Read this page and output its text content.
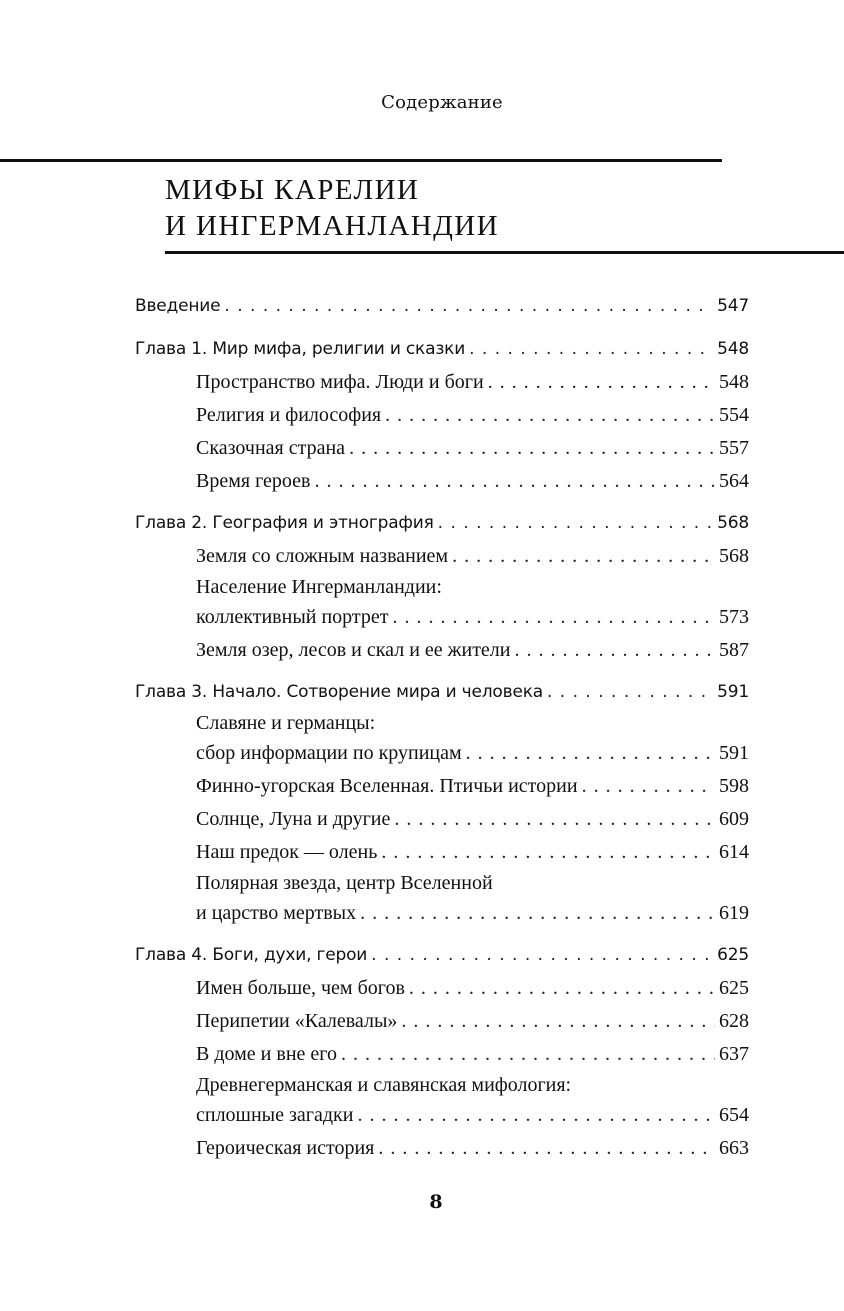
Содержание
МИФЫ КАРЕЛИИ
И ИНГЕРМАНЛАНДИИ
Введение . . .	547
Глава 1. Мир мифа, религии и сказки . . .	548
Пространство мифа. Люди и боги . . .	548
Религия и философия . . .	554
Сказочная страна . . .	557
Время героев . . .	564
Глава 2. География и этнография . . .	568
Земля со сложным названием . . .	568
Население Ингерманландии:
коллективный портрет . . .	573
Земля озер, лесов и скал и ее жители . . .	587
Глава 3. Начало. Сотворение мира и человека . . .	591
Славяне и германцы:
сбор информации по крупицам . . .	591
Финно-угорская Вселенная. Птичьи истории . . .	598
Солнце, Луна и другие . . .	609
Наш предок — олень . . .	614
Полярная звезда, центр Вселенной
и царство мертвых . . .	619
Глава 4. Боги, духи, герои . . .	625
Имен больше, чем богов . . .	625
Перипетии «Калевалы» . . .	628
В доме и вне его . . .	637
Древнегерманская и славянская мифология:
сплошные загадки . . .	654
Героическая история . . .	663
8
